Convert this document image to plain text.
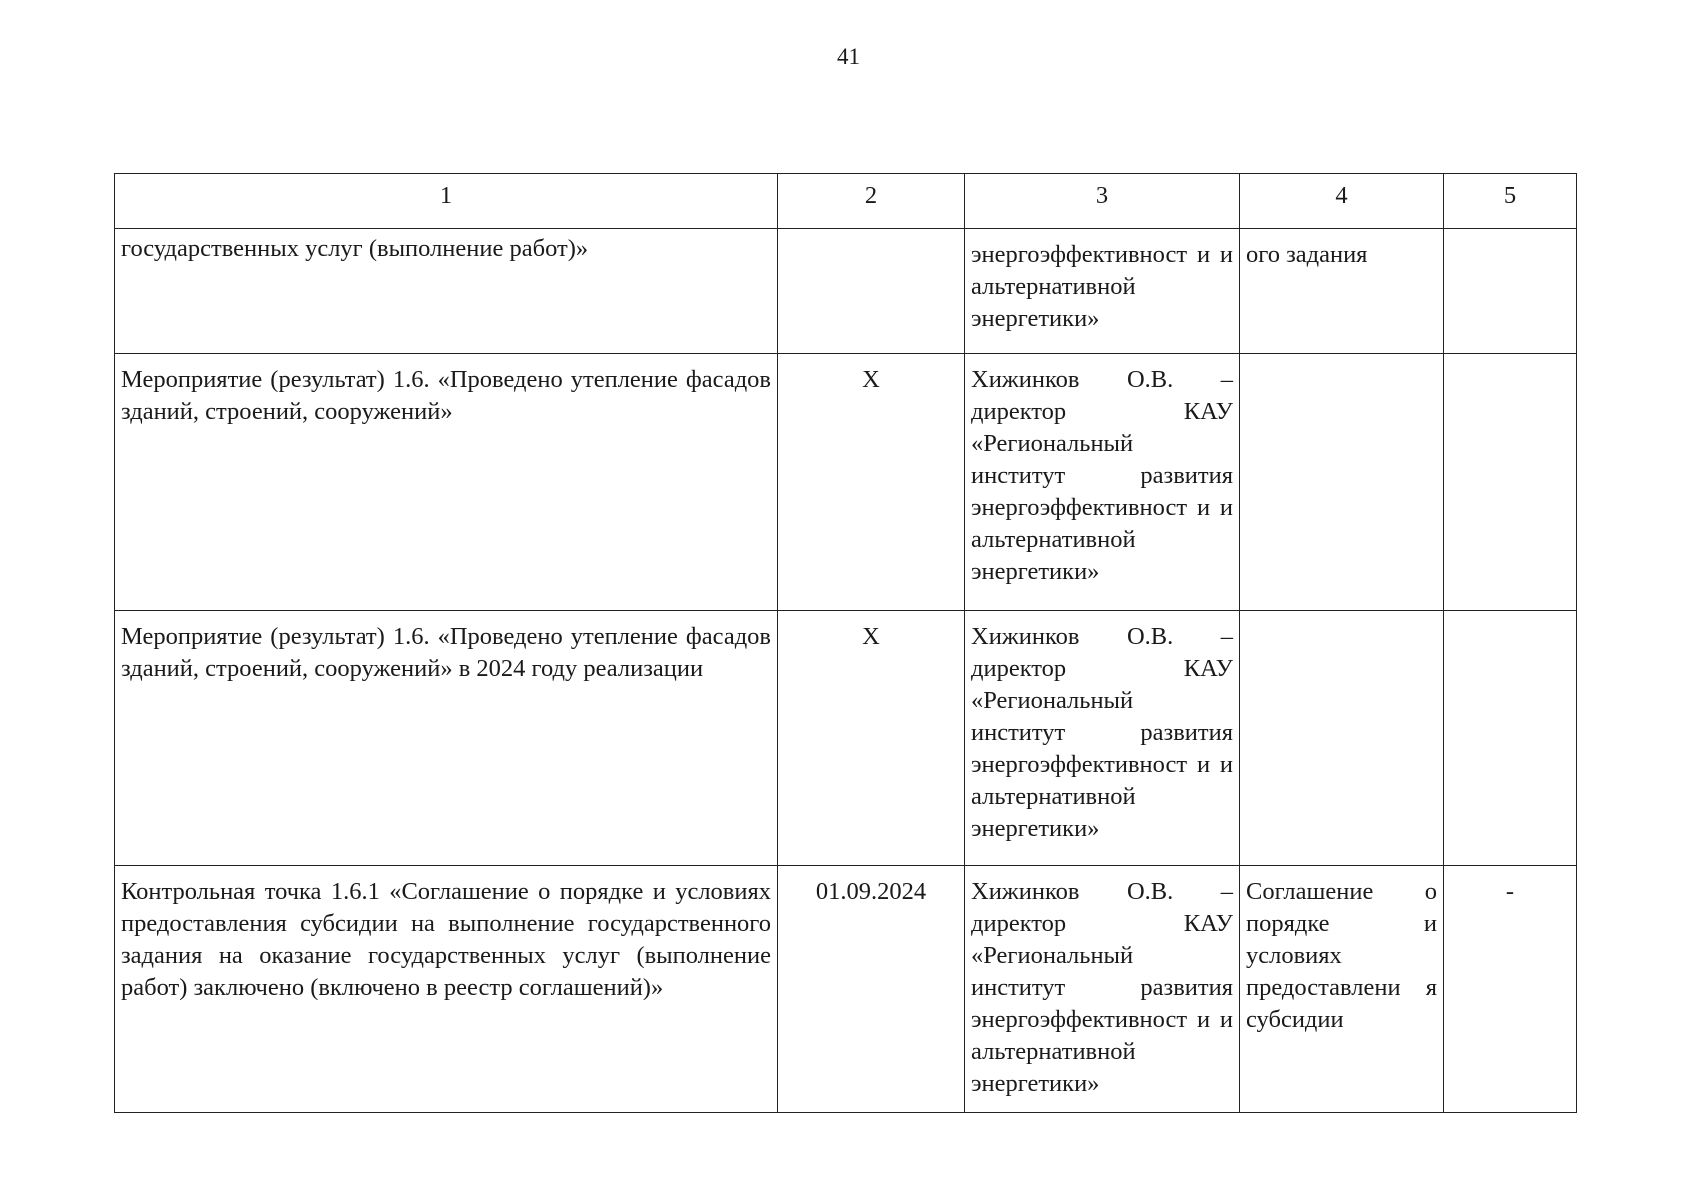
41
1	2	3	4	5
государственных услуг (выполнение работ)»		энергоэффективност и и альтернативной энергетики»	ого задания	
Мероприятие (результат) 1.6. «Проведено утепление фасадов зданий, строений, сооружений»	Х	Хижинков О.В. – директор КАУ «Региональный институт развития энергоэффективност и и альтернативной энергетики»		
Мероприятие (результат) 1.6. «Проведено утепление фасадов зданий, строений, сооружений» в 2024 году реализации	Х	Хижинков О.В. – директор КАУ «Региональный институт развития энергоэффективност и и альтернативной энергетики»		
Контрольная точка 1.6.1 «Соглашение о порядке и условиях предоставления субсидии на выполнение государственного задания на оказание государственных услуг (выполнение работ) заключено (включено в реестр соглашений)»	01.09.2024	Хижинков О.В. – директор КАУ «Региональный институт развития энергоэффективност и и альтернативной энергетики»	Соглашение о порядке и условиях предоставлени я субсидии	-
